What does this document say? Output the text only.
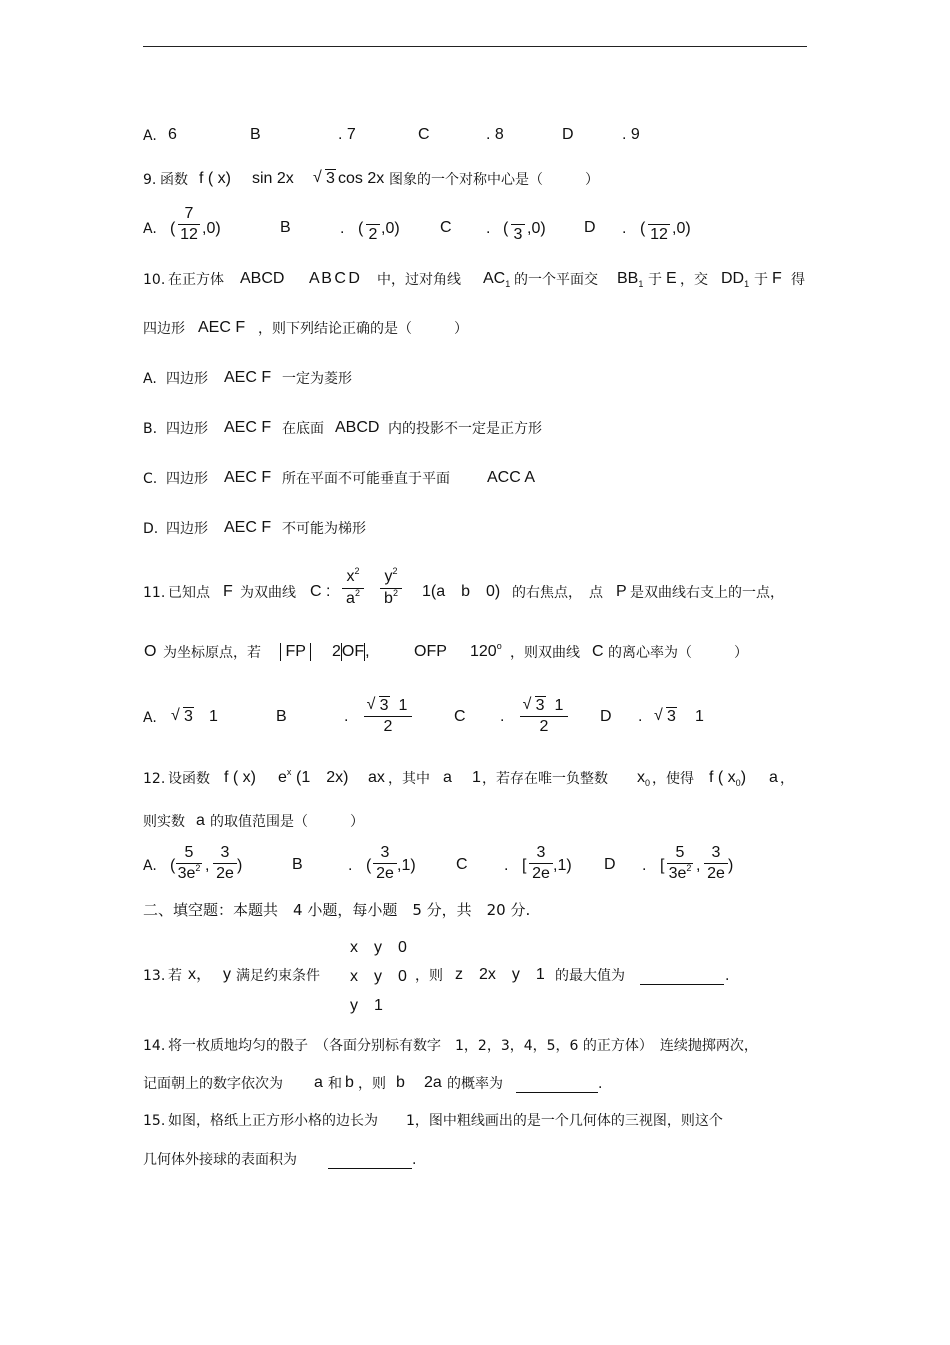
A. 6	B	. 7	C	. 8	D	. 9
9. 函数 f ( x) sin 2x	√ 3 cos 2x 图象的一个对称中心是（　　　）
A. (
7
12 ,0)	B	. (
2 ,0)	C . (
3 ,0) D . (
12 ,0)
10. 在正方体 ABCD A B C D 中，过对角线 $AC_1$ 的一个平面交 $BB_1$ 于 E ，交 $DD_1$ 于 F 得
四边形 AEC F ，则下列结论正确的是（　　　）
A. 四边形 AEC F 一定为菱形
B. 四边形 AEC F 在底面 ABCD 内的投影不一定是正方形
C. 四边形 AEC F 所在平面不可能垂直于平面 ACC A
D. 四边形 AEC F 不可能为梯形
11. 已知点 F 为双曲线 C :
$x^2$
$a^2$
$y^2$
$b^2$ 1(a　b　0) 的右焦点，　点 P 是双曲线右支上的一点，
O 为坐标原点，若	FP	2OF,	OFP 120$^o$ ，则双曲线 C 的离心率为（　　　）
A.	√ 3 1	B	.
√ 3 1
2
C .
√ 3 1
2
D .	√ 3 1
12. 设函数 f ( x) $e^x$ (1　2x) ax ，其中 a 1 ，若存在唯一负整数 $x_0$ ，使得 f ( $x_0$) a ，
则实数 a 的取值范围是（　　　）
A. (
5
$3e^2$ ,
3
2e )	B	. (
3
2e ,1)	C . [
3
2e ,1) D . [
5
$3e^2$ ,
3
2e )
二、填空题：本题共　4 小题，每小题　5 分，共　20 分.
x　y　0
13. 若 x， y 满足约束条件 x　y　0 ，则 z　2x　y　1 的最大值为	.
y　1
14. 将一枚质地均匀的骰子　（各面分别标有数字　1，2，3，4，5，6 的正方体）　连续抛掷两次，
记面朝上的数字依次为 a 和 b ，则 b 2a 的概率为	.
15. 如图，格纸上正方形小格的边长为　　1，图中粗线画出的是一个几何体的三视图，则这个
几何体外接球的表面积为	.
